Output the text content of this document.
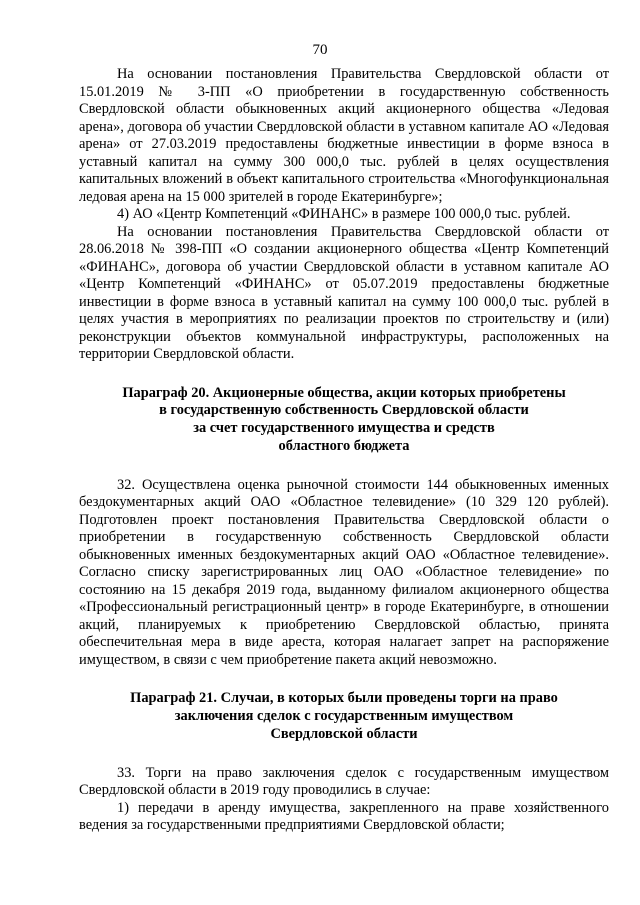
70

На основании постановления Правительства Свердловской области от 15.01.2019 № 3-ПП «О приобретении в государственную собственность Свердловской области обыкновенных акций акционерного общества «Ледовая арена», договора об участии Свердловской области в уставном капитале АО «Ледовая арена» от 27.03.2019 предоставлены бюджетные инвестиции в форме взноса в уставный капитал на сумму 300 000,0 тыс. рублей в целях осуществления капитальных вложений в объект капитального строительства «Многофункциональная ледовая арена на 15 000 зрителей в городе Екатеринбурге»;

4) АО «Центр Компетенций «ФИНАНС» в размере 100 000,0 тыс. рублей.

На основании постановления Правительства Свердловской области от 28.06.2018 № 398-ПП «О создании акционерного общества «Центр Компетенций «ФИНАНС», договора об участии Свердловской области в уставном капитале АО «Центр Компетенций «ФИНАНС» от 05.07.2019 предоставлены бюджетные инвестиции в форме взноса в уставный капитал на сумму 100 000,0 тыс. рублей в целях участия в мероприятиях по реализации проектов по строительству и (или) реконструкции объектов коммунальной инфраструктуры, расположенных на территории Свердловской области.

Параграф 20. Акционерные общества, акции которых приобретены
в государственную собственность Свердловской области
за счет государственного имущества и средств
областного бюджета

32. Осуществлена оценка рыночной стоимости 144 обыкновенных именных бездокументарных акций ОАО «Областное телевидение» (10 329 120 рублей). Подготовлен проект постановления Правительства Свердловской области о приобретении в государственную собственность Свердловской области обыкновенных именных бездокументарных акций ОАО «Областное телевидение». Согласно списку зарегистрированных лиц ОАО «Областное телевидение» по состоянию на 15 декабря 2019 года, выданному филиалом акционерного общества «Профессиональный регистрационный центр» в городе Екатеринбурге, в отношении акций, планируемых к приобретению Свердловской областью, принята обеспечительная мера в виде ареста, которая налагает запрет на распоряжение имуществом, в связи с чем приобретение пакета акций невозможно.

Параграф 21. Случаи, в которых были проведены торги на право
заключения сделок с государственным имуществом
Свердловской области

33. Торги на право заключения сделок с государственным имуществом Свердловской области в 2019 году проводились в случае:

1) передачи в аренду имущества, закрепленного на праве хозяйственного ведения за государственными предприятиями Свердловской области;
